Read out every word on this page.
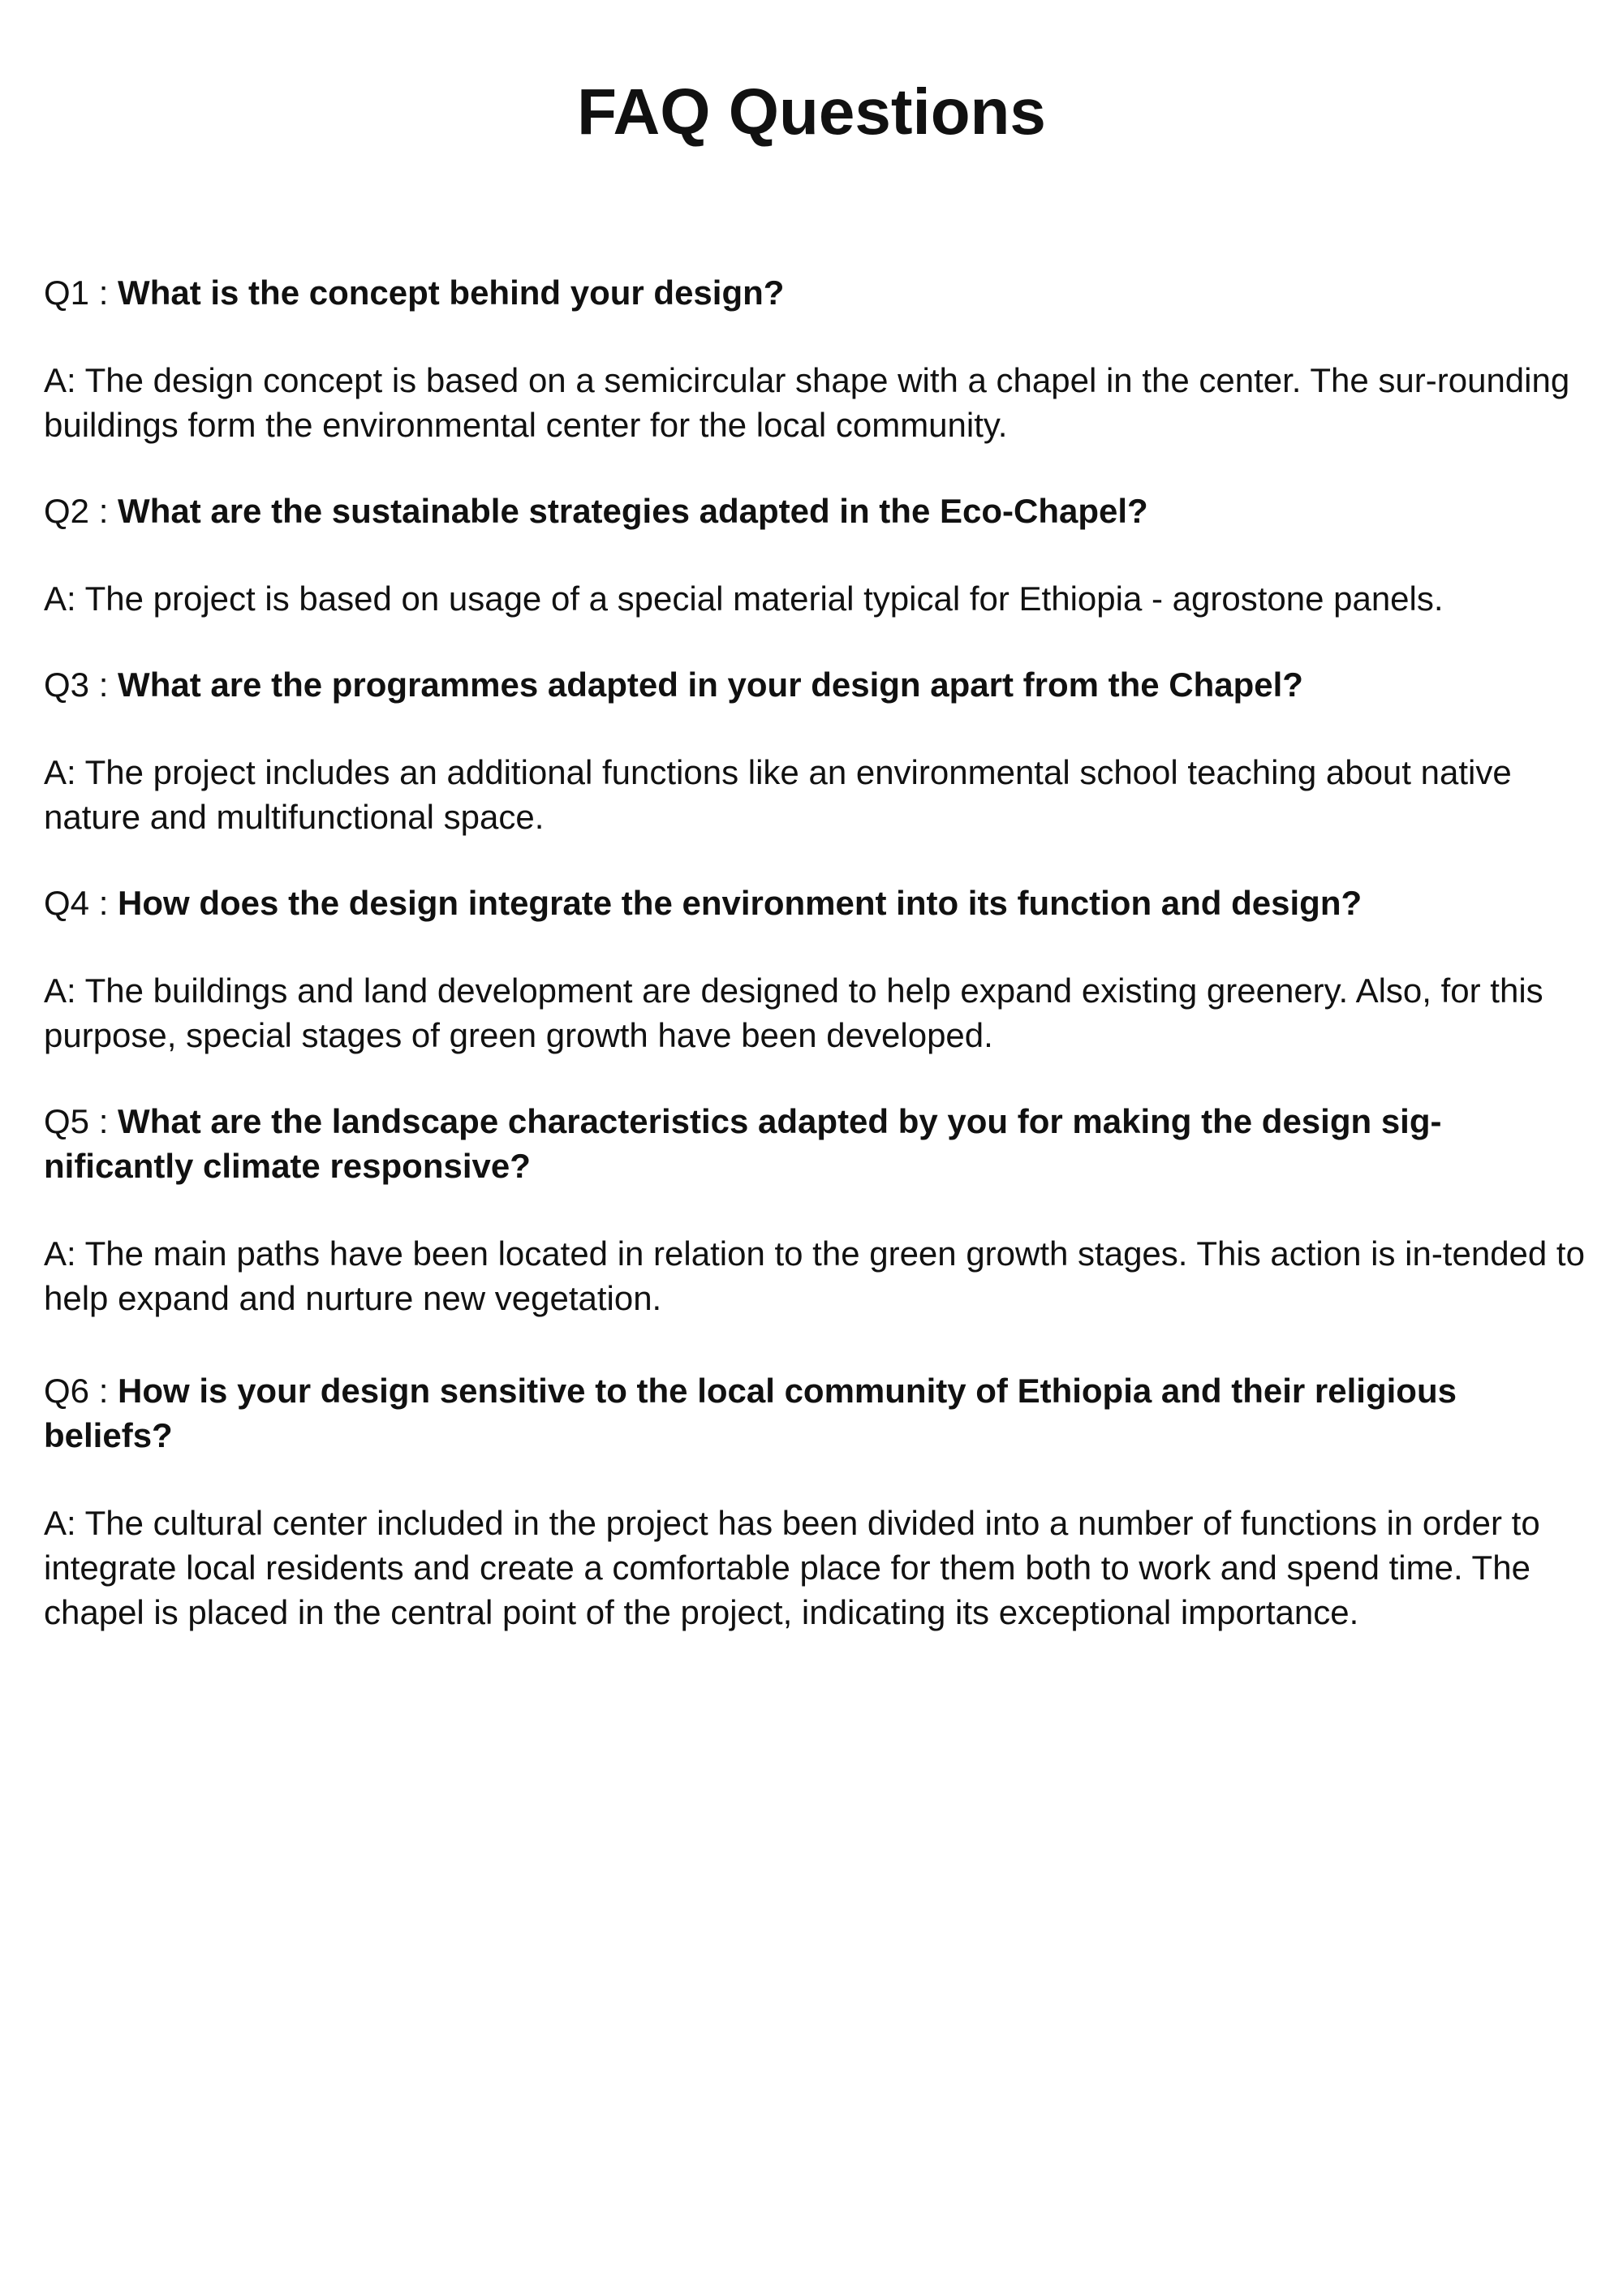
FAQ Questions

Q1 : What is the concept behind your design?

A: The design concept is based on a semicircular shape with a chapel in the center. The sur-rounding buildings form the environmental center for the local community.

Q2 : What are the sustainable strategies adapted in the Eco-Chapel?

A: The project is based on usage of a special material typical for Ethiopia - agrostone panels.

Q3 : What are the programmes adapted in your design apart from the Chapel?

A: The project includes an additional functions like an environmental school teaching about native nature and multifunctional space.

Q4 : How does the design integrate the environment into its function and design?

A: The buildings and land development are designed to help expand existing greenery. Also, for this purpose, special stages of green growth have been developed.

Q5 : What are the landscape characteristics adapted by you for making the design sig-nificantly climate responsive?

A: The main paths have been located in relation to the green growth stages. This action is in-tended to help expand and nurture new vegetation.

Q6 : How is your design sensitive to the local community of Ethiopia and their religious beliefs?

A: The cultural center included in the project has been divided into a number of functions in order to integrate local residents and create a comfortable place for them both to work and spend time. The chapel is placed in the central point of the project, indicating its exceptional importance.
